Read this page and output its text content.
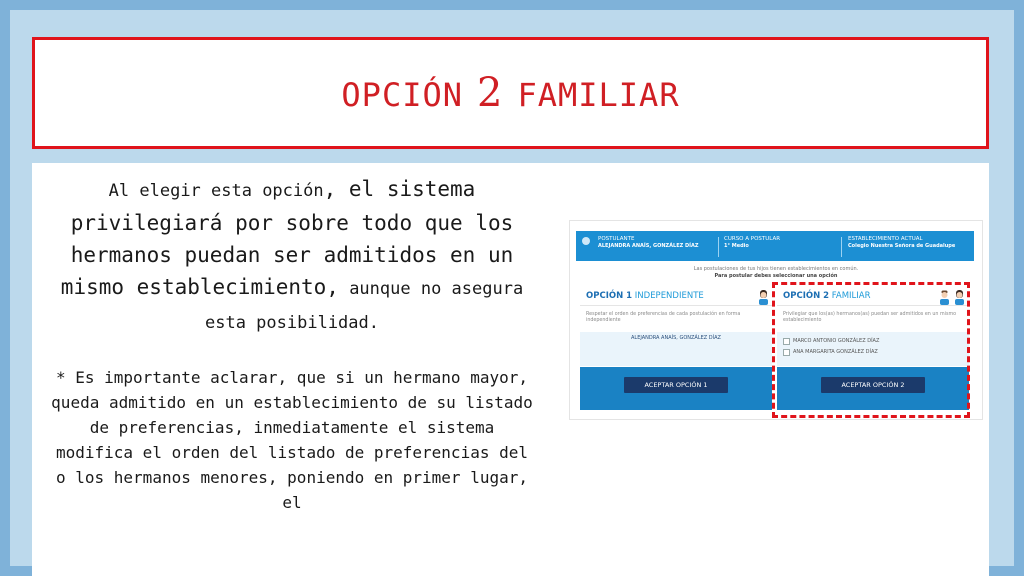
OPCIÓN 2 FAMILIAR

Al elegir esta opción, el sistema privilegiará por sobre todo que los hermanos puedan ser admitidos en un mismo establecimiento, aunque no asegura esta posibilidad.

* Es importante aclarar, que si un hermano mayor, queda admitido en un establecimiento de su listado de preferencias, inmediatamente el sistema modifica el orden del listado de preferencias del o los hermanos menores, poniendo en primer lugar, el

POSTULANTE
ALEJANDRA ANAÍS, GONZÁLEZ DÍAZ
CURSO A POSTULAR
1° Medio
ESTABLECIMIENTO ACTUAL
Colegio Nuestra Señora de Guadalupe
Las postulaciones de tus hijos tienen establecimientos en común.
Para postular debes seleccionar una opción
OPCIÓN 1 INDEPENDIENTE
Respetar el orden de preferencias de cada postulación en forma independiente
ALEJANDRA ANAÍS, GONZÁLEZ DÍAZ
ACEPTAR OPCIÓN 1
OPCIÓN 2 FAMILIAR
Privilegiar que los(as) hermanos(as) puedan ser admitidos en un mismo establecimiento
MARCO ANTONIO GONZÁLEZ DÍAZ
ANA MARGARITA GONZÁLEZ DÍAZ
ACEPTAR OPCIÓN 2
